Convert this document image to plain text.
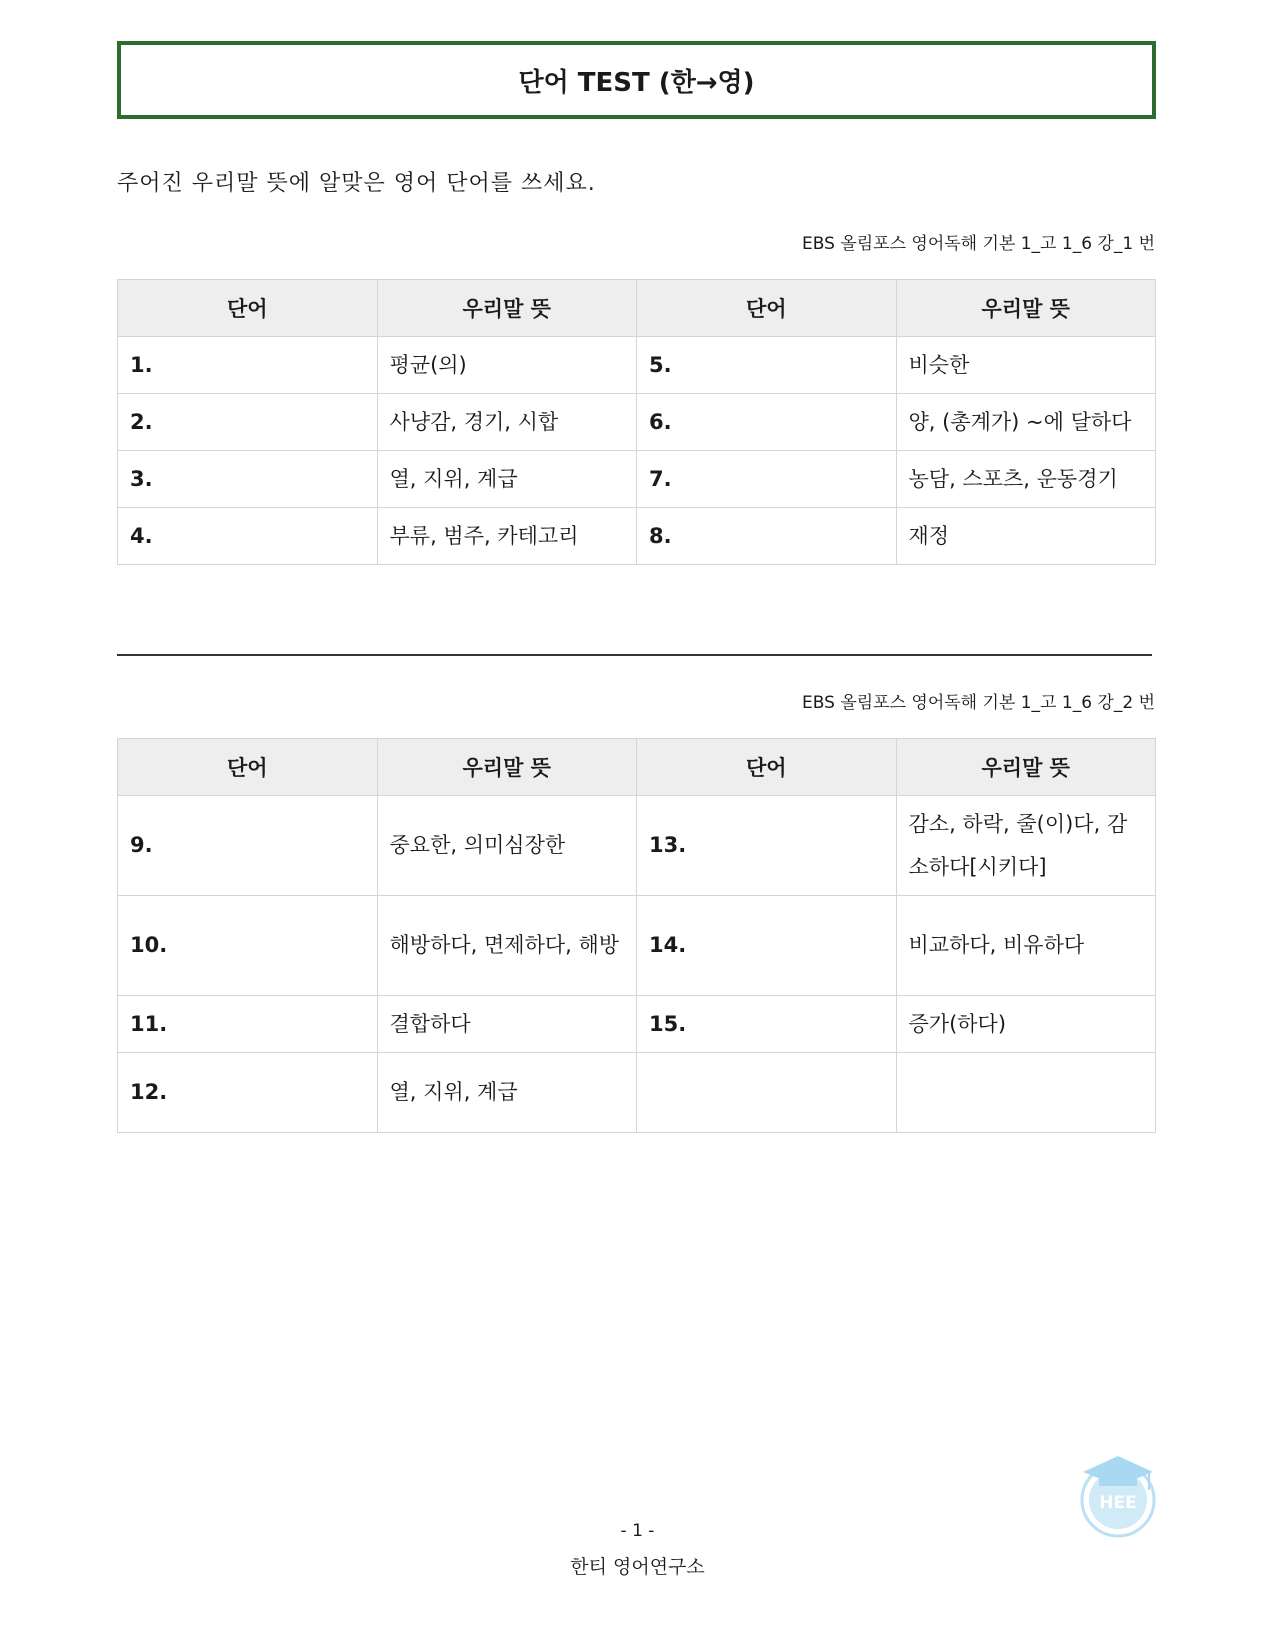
단어 TEST (한→영)
주어진 우리말 뜻에 알맞은 영어 단어를 쓰세요.
EBS 올림포스 영어독해 기본 1_고 1_6 강_1 번
단어	우리말 뜻	단어	우리말 뜻
1.	평균(의)	5.	비슷한
2.	사냥감, 경기, 시합	6.	양, (총계가) ~에 달하다
3.	열, 지위, 계급	7.	농담, 스포츠, 운동경기
4.	부류, 범주, 카테고리	8.	재정
EBS 올림포스 영어독해 기본 1_고 1_6 강_2 번
단어	우리말 뜻	단어	우리말 뜻
9.	중요한, 의미심장한	13.	감소, 하락, 줄(이)다, 감소하다[시키다]
10.	해방하다, 면제하다, 해방	14.	비교하다, 비유하다
11.	결합하다	15.	증가(하다)
12.	열, 지위, 계급		
- 1 -
한티 영어연구소
HEE
